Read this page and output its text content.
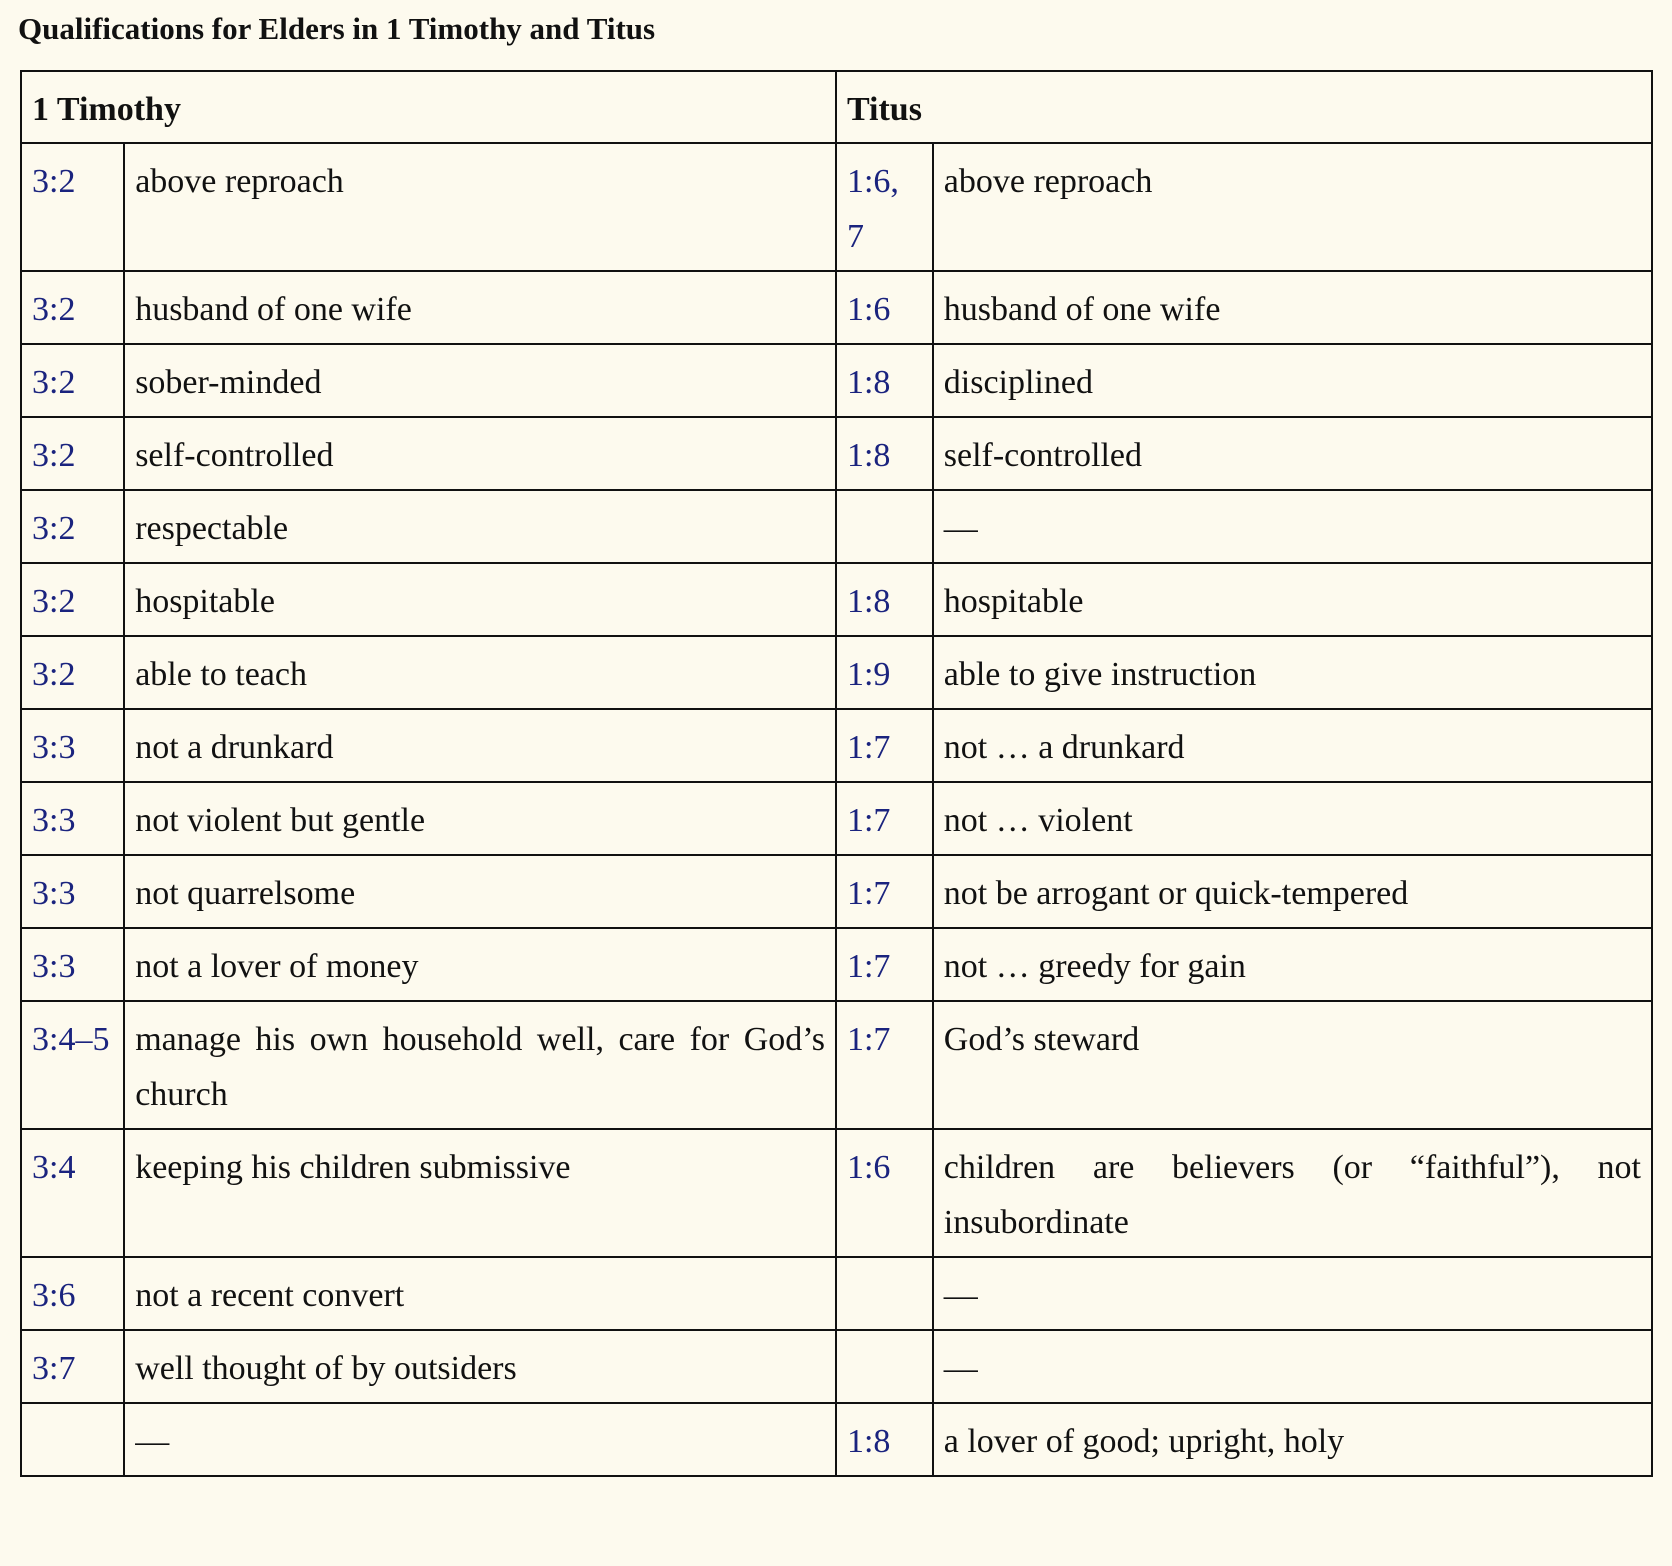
Qualifications for Elders in 1 Timothy and Titus
1 Timothy		Titus	
3:2	above reproach	1:6, 7	above reproach
3:2	husband of one wife	1:6	husband of one wife
3:2	sober-minded	1:8	disciplined
3:2	self-controlled	1:8	self-controlled
3:2	respectable		—
3:2	hospitable	1:8	hospitable
3:2	able to teach	1:9	able to give instruction
3:3	not a drunkard	1:7	not … a drunkard
3:3	not violent but gentle	1:7	not … violent
3:3	not quarrelsome	1:7	not be arrogant or quick-tempered
3:3	not a lover of money	1:7	not … greedy for gain
3:4–5	manage his own household well, care for God’s church	1:7	God’s steward
3:4	keeping his children submissive	1:6	children are believers (or “faithful”), not insubordinate
3:6	not a recent convert		—
3:7	well thought of by outsiders		—
	—	1:8	a lover of good; upright, holy
